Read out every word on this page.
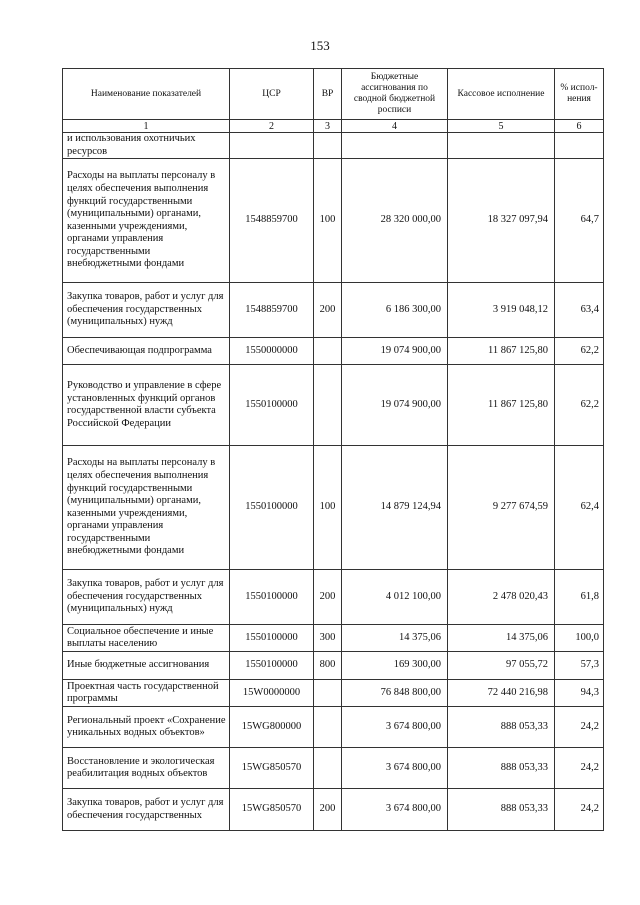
153
Наименование показателей	ЦСР	ВР	Бюджетные ассигнования по сводной бюджетной росписи	Кассовое исполнение	% испол-нения
1	2	3	4	5	6
и использования охотничьих ресурсов					
Расходы на выплаты персоналу в целях обеспечения выполнения функций государственными (муниципальными) органами, казенными учреждениями, органами управления государственными внебюджетными фондами	1548859700	100	28 320 000,00	18 327 097,94	64,7
Закупка товаров, работ и услуг для обеспечения государственных (муниципальных) нужд	1548859700	200	6 186 300,00	3 919 048,12	63,4
Обеспечивающая подпрограмма	1550000000		19 074 900,00	11 867 125,80	62,2
Руководство и управление в сфере установленных функций органов государственной власти субъекта Российской Федерации	1550100000		19 074 900,00	11 867 125,80	62,2
Расходы на выплаты персоналу в целях обеспечения выполнения функций государственными (муниципальными) органами, казенными учреждениями, органами управления государственными внебюджетными фондами	1550100000	100	14 879 124,94	9 277 674,59	62,4
Закупка товаров, работ и услуг для обеспечения государственных (муниципальных) нужд	1550100000	200	4 012 100,00	2 478 020,43	61,8
Социальное обеспечение и иные выплаты населению	1550100000	300	14 375,06	14 375,06	100,0
Иные бюджетные ассигнования	1550100000	800	169 300,00	97 055,72	57,3
Проектная часть государственной программы	15W0000000		76 848 800,00	72 440 216,98	94,3
Региональный проект «Сохранение уникальных водных объектов»	15WG800000		3 674 800,00	888 053,33	24,2
Восстановление и экологическая реабилитация водных объектов	15WG850570		3 674 800,00	888 053,33	24,2
Закупка товаров, работ и услуг для обеспечения государственных	15WG850570	200	3 674 800,00	888 053,33	24,2
